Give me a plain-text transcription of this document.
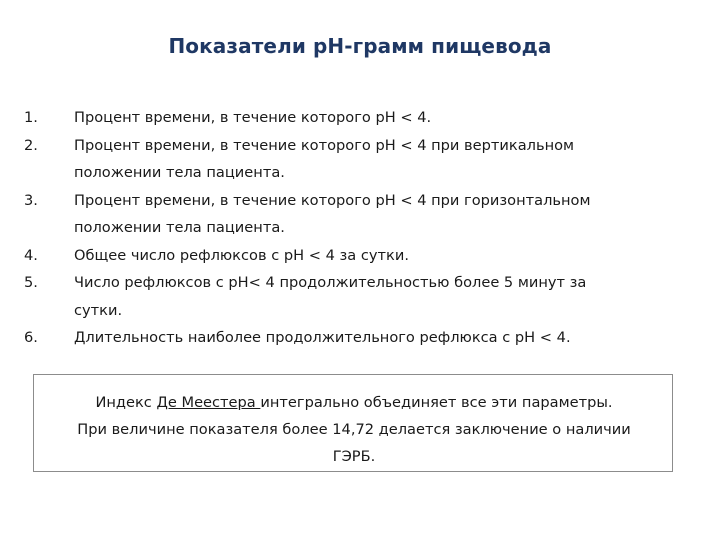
Показатели pH-грамм пищевода
1.	Процент времени, в течение которого pH < 4.
2.	Процент времени, в течение которого pH < 4 при вертикальном
положении тела пациента.
3.	Процент времени, в течение которого pH < 4 при горизонтальном
положении тела пациента.
4.	Общее число рефлюксов с pH < 4 за сутки.
5.	Число рефлюксов с pH< 4 продолжительностью более 5 минут за
сутки.
6.	Длительность наиболее продолжительного рефлюкса с pH < 4.
Индекс Де Меестера интегрально объединяет все эти параметры.
При величине показателя более 14,72 делается заключение о наличии
ГЭРБ.
